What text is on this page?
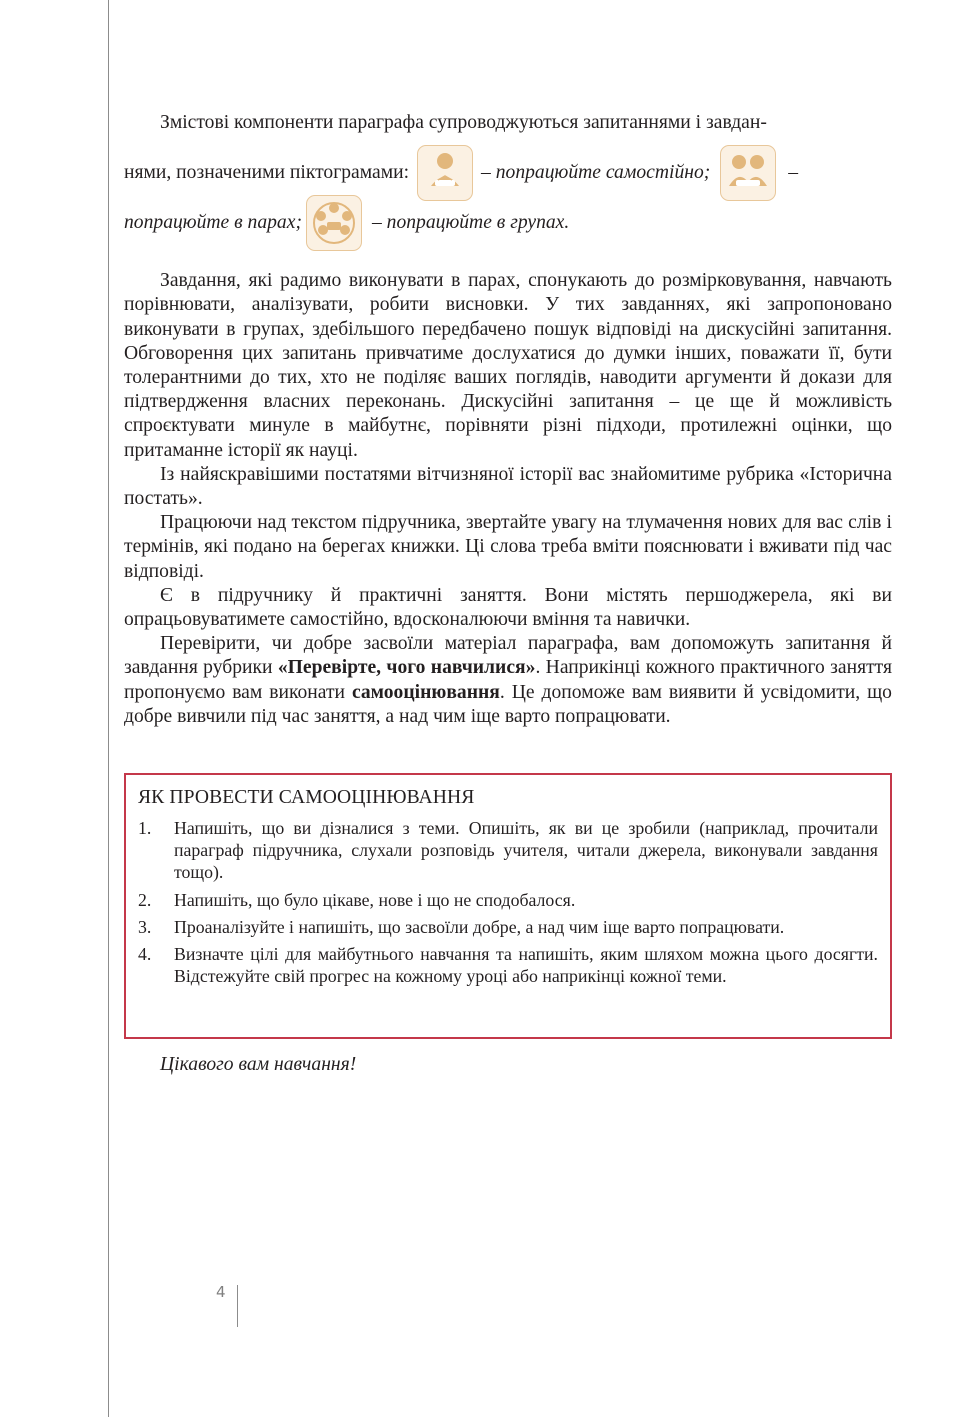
Змістові компоненти параграфа супроводжуються запитаннями і завдан-

нями, позначеними піктограмами:	– попрацюйте самостійно ;	–
попрацюйте в парах ;	– попрацюйте в групах.

Завдання, які радимо виконувати в парах, спонукають до розмірковування, навчають порівнювати, аналізувати, робити висновки. У тих завданнях, які запропоновано виконувати в групах, здебільшого передбачено пошук відповіді на дискусійні запитання. Обговорення цих запитань привчатиме дослухатися до думки інших, поважати її, бути толерантними до тих, хто не поділяє ваших поглядів, наводити аргументи й докази для підтвердження власних переконань. Дискусійні запитання – це ще й можливість спроєктувати минуле в майбутнє, порівняти різні підходи, протилежні оцінки, що притаманне історії як науці.

Із найяскравішими постатями вітчизняної історії вас знайомитиме рубрика «Історична постать».

Працюючи над текстом підручника, звертайте увагу на тлумачення нових для вас слів і термінів, які подано на берегах книжки. Ці слова треба вміти пояснювати і вживати під час відповіді.

Є в підручнику й практичні заняття. Вони містять першоджерела, які ви опрацьовуватимете самостійно, вдосконалюючи вміння та навички.

Перевірити, чи добре засвоїли матеріал параграфа, вам допоможуть запитання й завдання рубрики «Перевірте, чого навчилися». Наприкінці кожного практичного заняття пропонуємо вам виконати самооцінювання. Це допоможе вам виявити й усвідомити, що добре вивчили під час заняття, а над чим іще варто попрацювати.

ЯК ПРОВЕСТИ САМООЦІНЮВАННЯ
1.	Напишіть, що ви дізналися з теми. Опишіть, як ви це зробили (наприклад, прочитали параграф підручника, слухали розповідь учителя, читали джерела, виконували завдання тощо).
2.	Напишіть, що було цікаве, нове і що не сподобалося.
3.	Проаналізуйте і напишіть, що засвоїли добре, а над чим іще варто попрацювати.
4.	Визначте цілі для майбутнього навчання та напишіть, яким шляхом можна цього досягти. Відстежуйте свій прогрес на кожному уроці або наприкінці кожної теми.
Цікавого вам навчання!
4
